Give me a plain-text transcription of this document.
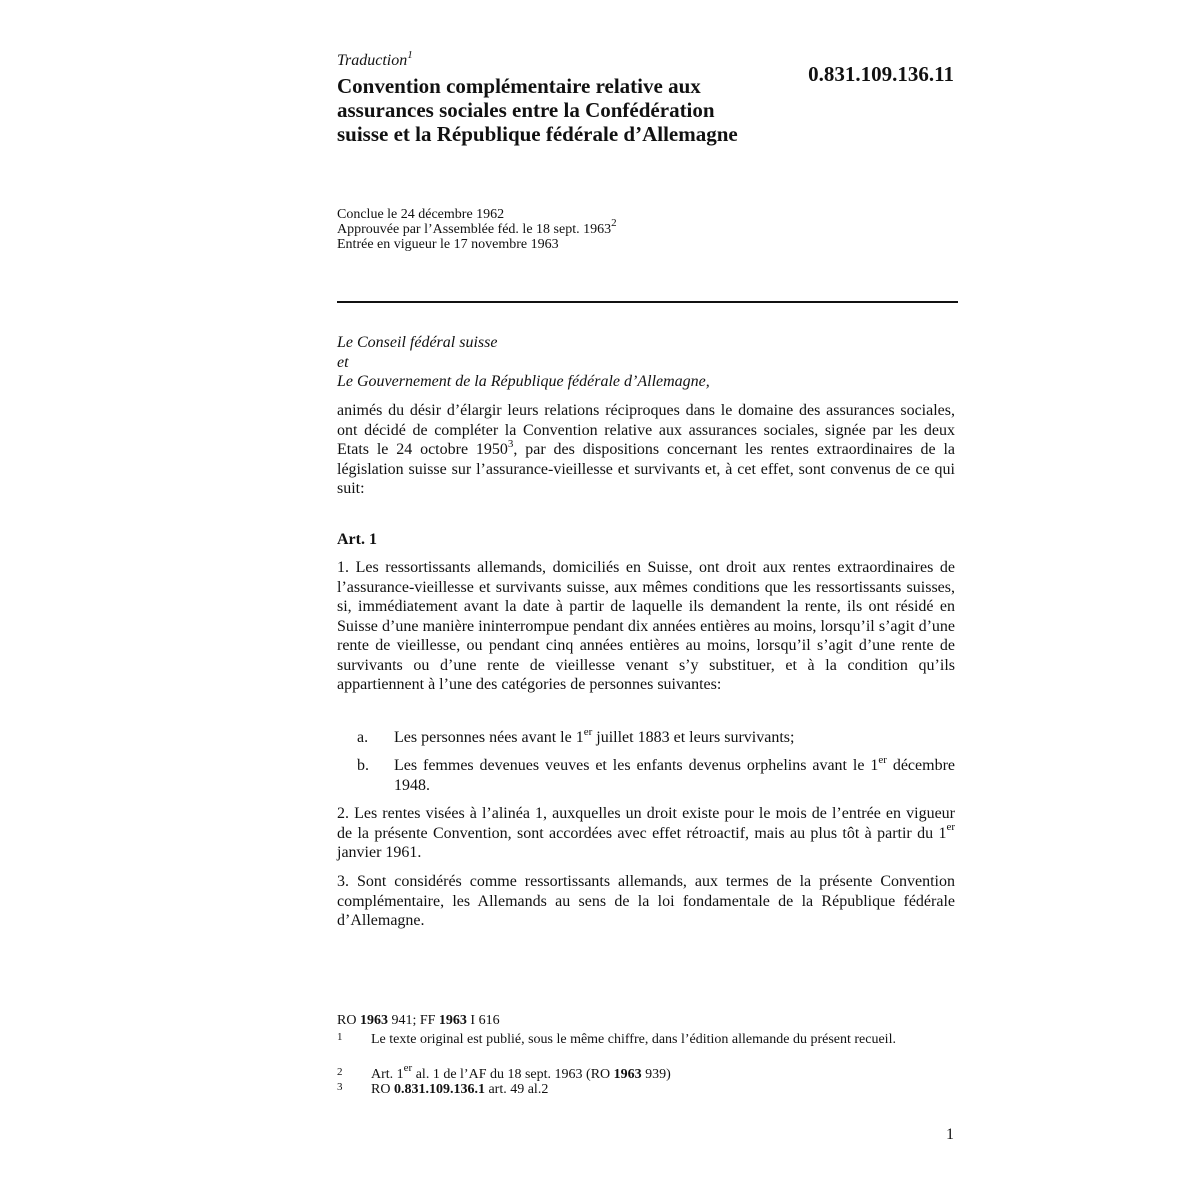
Traduction$^1$
Convention complémentaire relative aux assurances sociales entre la Confédération suisse et la République fédérale d’Allemagne
0.831.109.136.11
Conclue le 24 décembre 1962
Approuvée par l’Assemblée féd. le 18 sept. 1963$^2$
Entrée en vigueur le 17 novembre 1963
Le Conseil fédéral suisse
et
Le Gouvernement de la République fédérale d’Allemagne,
animés du désir d’élargir leurs relations réciproques dans le domaine des assurances sociales, ont décidé de compléter la Convention relative aux assurances sociales, signée par les deux Etats le 24 octobre 1950$^3$, par des dispositions concernant les rentes extraordinaires de la législation suisse sur l’assurance-vieillesse et survivants et, à cet effet, sont convenus de ce qui suit:
Art. 1
1. Les ressortissants allemands, domiciliés en Suisse, ont droit aux rentes extraordinaires de l’assurance-vieillesse et survivants suisse, aux mêmes conditions que les ressortissants suisses, si, immédiatement avant la date à partir de laquelle ils demandent la rente, ils ont résidé en Suisse d’une manière ininterrompue pendant dix années entières au moins, lorsqu’il s’agit d’une rente de vieillesse, ou pendant cinq années entières au moins, lorsqu’il s’agit d’une rente de survivants ou d’une rente de vieillesse venant s’y substituer, et à la condition qu’ils appartiennent à l’une des catégories de personnes suivantes:
a. Les personnes nées avant le 1er juillet 1883 et leurs survivants;
b. Les femmes devenues veuves et les enfants devenus orphelins avant le 1er décembre 1948.
2. Les rentes visées à l’alinéa 1, auxquelles un droit existe pour le mois de l’entrée en vigueur de la présente Convention, sont accordées avec effet rétroactif, mais au plus tôt à partir du 1er janvier 1961.
3. Sont considérés comme ressortissants allemands, aux termes de la présente Convention complémentaire, les Allemands au sens de la loi fondamentale de la République fédérale d’Allemagne.
RO 1963 941; FF 1963 I 616
1 Le texte original est publié, sous le même chiffre, dans l’édition allemande du présent recueil.
2 Art. 1er al. 1 de l’AF du 18 sept. 1963 (RO 1963 939)
3 RO 0.831.109.136.1 art. 49 al.2
1
